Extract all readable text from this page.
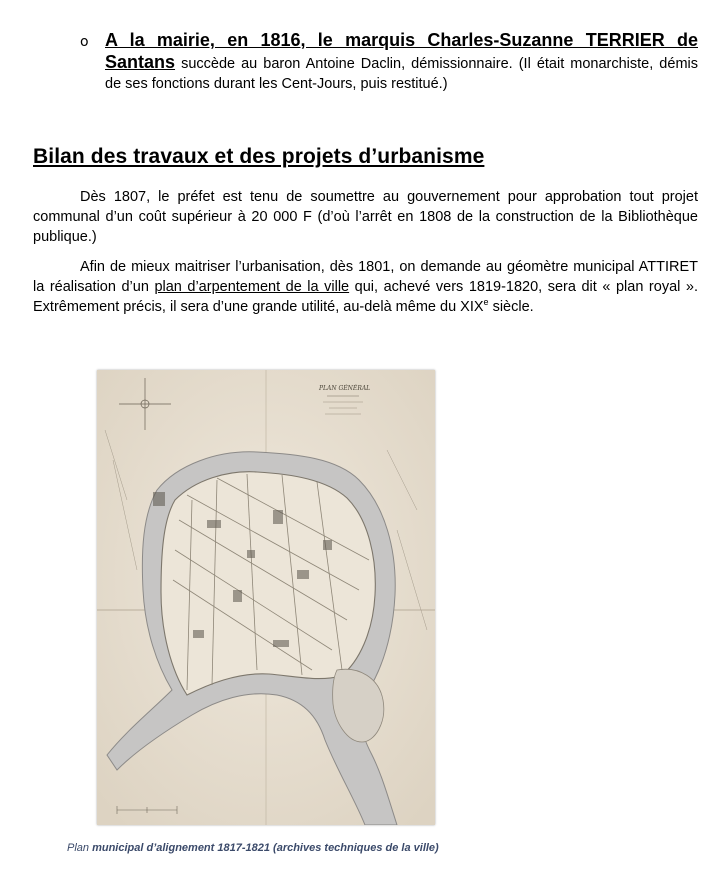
o A la mairie, en 1816, le marquis Charles-Suzanne TERRIER de Santans succède au baron Antoine Daclin, démissionnaire. (Il était monarchiste, démis de ses fonctions durant les Cent-Jours, puis restitué.)
Bilan des travaux et des projets d’urbanisme

Dès 1807, le préfet est tenu de soumettre au gouvernement pour approbation tout projet communal d’un coût supérieur à 20 000 F (d’où l’arrêt en 1808 de la construction de la Bibliothèque publique.)

Afin de mieux maitriser l’urbanisation, dès 1801, on demande au géomètre municipal ATTIRET la réalisation d’un plan d’arpentement de la ville qui, achevé vers 1819-1820, sera dit « plan royal ». Extrêmement précis, il sera d’une grande utilité, au-delà même du XIXe siècle.

PLAN GÉNÉRAL
Plan municipal d’alignement 1817-1821 (archives techniques de la ville)
